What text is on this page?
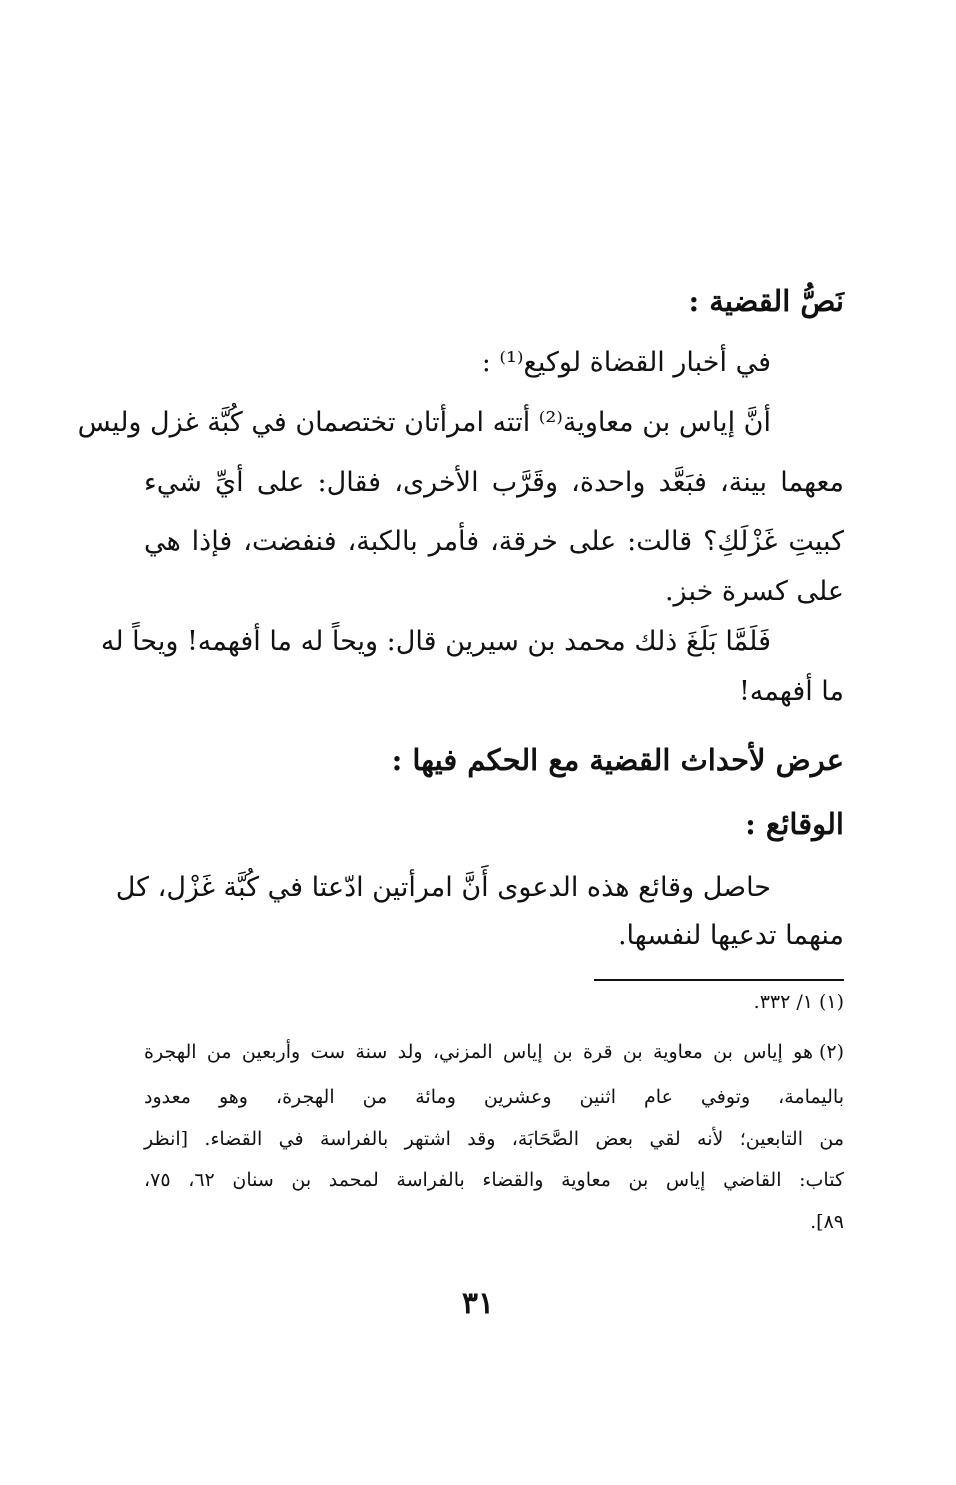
نَصُّ القضية :
في أخبار القضاة لوكيع⁽¹⁾ :
أنَّ إياس بن معاوية⁽²⁾ أتته امرأتان تختصمان في كُبَّة غزل وليس
معهما بينة، فبَعَّد واحدة، وقَرَّب الأخرى، فقال: على أيِّ شيء
كبيتِ غَزْلَكِ؟ قالت: على خرقة، فأمر بالكبة، فنفضت، فإذا هي
على كسرة خبز.
فَلَمَّا بَلَغَ ذلك محمد بن سيرين قال: ويحاً له ما أفهمه! ويحاً له
ما أفهمه!
عرض لأحداث القضية مع الحكم فيها :
الوقائع :
حاصل وقائع هذه الدعوى أَنَّ امرأتين ادّعتا في كُبَّة غَزْل، كل
منهما تدعيها لنفسها.
(١)
١/ ٣٣٢.
(٢)
هو إياس بن معاوية بن قرة بن إياس المزني، ولد سنة ست وأربعين من الهجرة
باليمامة، وتوفي عام اثنين وعشرين ومائة من الهجرة، وهو معدود
من التابعين؛ لأنه لقي بعض الصَّحَابَة، وقد اشتهر بالفراسة في القضاء. [انظر
كتاب: القاضي إياس بن معاوية والقضاء بالفراسة لمحمد بن سنان ٦٢، ٧٥،
٨٩].
٣١
